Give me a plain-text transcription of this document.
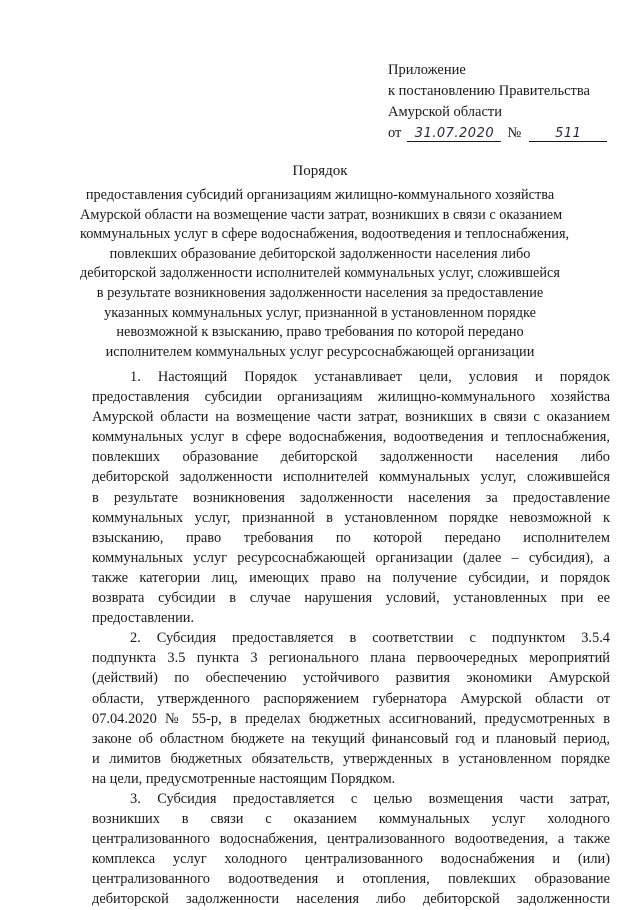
Приложение
к постановлению Правительства
Амурской области
от 31.07.2020 №	511
Порядок
предоставления субсидий организациям жилищно-коммунального хозяйства
Амурской области на возмещение части затрат, возникших в связи с оказанием
коммунальных услуг в сфере водоснабжения, водоотведения и теплоснабжения,
повлекших образование дебиторской задолженности населения либо
дебиторской задолженности исполнителей коммунальных услуг, сложившейся
в результате возникновения задолженности населения за предоставление
указанных коммунальных услуг, признанной в установленном порядке
невозможной к взысканию, право требования по которой передано
исполнителем коммунальных услуг ресурсоснабжающей организации
1. Настоящий Порядок устанавливает цели, условия и порядок
предоставления субсидии организациям жилищно-коммунального хозяйства
Амурской области на возмещение части затрат, возникших в связи с оказанием
коммунальных услуг в сфере водоснабжения, водоотведения и теплоснабжения,
повлекших образование дебиторской задолженности населения либо
дебиторской задолженности исполнителей коммунальных услуг, сложившейся
в результате возникновения задолженности населения за предоставление
коммунальных услуг, признанной в установленном порядке невозможной к
взысканию, право требования по которой передано исполнителем
коммунальных услуг ресурсоснабжающей организации (далее – субсидия), а
также категории лиц, имеющих право на получение субсидии, и порядок
возврата субсидии в случае нарушения условий, установленных при ее
предоставлении.
2. Субсидия предоставляется в соответствии с подпунктом 3.5.4
подпункта 3.5 пункта 3 регионального плана первоочередных мероприятий
(действий) по обеспечению устойчивого развития экономики Амурской
области, утвержденного распоряжением губернатора Амурской области от
07.04.2020 № 55-р, в пределах бюджетных ассигнований, предусмотренных в
законе об областном бюджете на текущий финансовый год и плановый период,
и лимитов бюджетных обязательств, утвержденных в установленном порядке
на цели, предусмотренные настоящим Порядком.
3. Субсидия предоставляется с целью возмещения части затрат,
возникших в связи с оказанием коммунальных услуг холодного
централизованного водоснабжения, централизованного водоотведения, а также
комплекса услуг холодного централизованного водоснабжения и (или)
централизованного водоотведения и отопления, повлекших образование
дебиторской задолженности населения либо дебиторской задолженности
